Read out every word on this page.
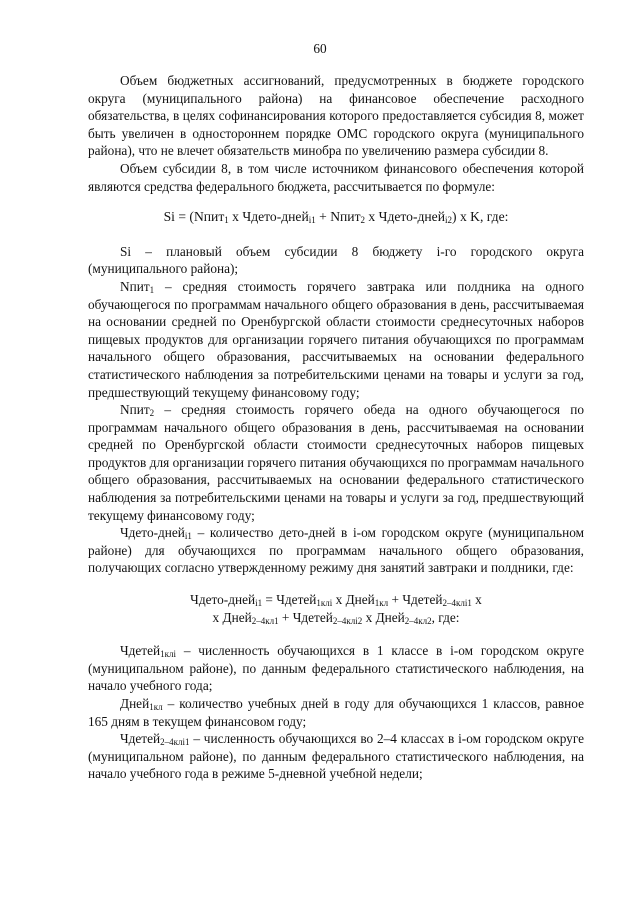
60

Объем бюджетных ассигнований, предусмотренных в бюджете городского округа (муниципального района) на финансовое обеспечение расходного обязательства, в целях софинансирования которого предоставляется субсидия 8, может быть увеличен в одностороннем порядке ОМС городского округа (муниципального района), что не влечет обязательств минобра по увеличению размера субсидии 8.

Объем субсидии 8, в том числе источником финансового обеспечения которой являются средства федерального бюджета, рассчитывается по формуле:

Si = (Nпит$_1$ x Чдето-дней$_{i1}$ + Nпит$_2$ x Чдето-дней$_{i2}$) x K, где:

Si – плановый объем субсидии 8 бюджету i-го городского округа (муниципального района);

Nпит$_1$ – средняя стоимость горячего завтрака или полдника на одного обучающегося по программам начального общего образования в день, рассчитываемая на основании средней по Оренбургской области стоимости среднесуточных наборов пищевых продуктов для организации горячего питания обучающихся по программам начального общего образования, рассчитываемых на основании федерального статистического наблюдения за потребительскими ценами на товары и услуги за год, предшествующий текущему финансовому году;

Nпит$_2$ – средняя стоимость горячего обеда на одного обучающегося по программам начального общего образования в день, рассчитываемая на основании средней по Оренбургской области стоимости среднесуточных наборов пищевых продуктов для организации горячего питания обучающихся по программам начального общего образования, рассчитываемых на основании федерального статистического наблюдения за потребительскими ценами на товары и услуги за год, предшествующий текущему финансовому году;

Чдето-дней$_{i1}$ – количество дето-дней в i-ом городском округе (муниципальном районе) для обучающихся по программам начального общего образования, получающих согласно утвержденному режиму дня занятий завтраки и полдники, где:

Чдето-дней$_{i1}$ = Чдетей$_{1клi}$ x Дней$_{1кл}$ + Чдетей$_{2-4клi1}$ x
x Дней$_{2-4кл1}$ + Чдетей$_{2-4клi2}$ x Дней$_{2-4кл2}$, где:

Чдетей$_{1клi}$ – численность обучающихся в 1 классе в i-ом городском округе (муниципальном районе), по данным федерального статистического наблюдения, на начало учебного года;

Дней$_{1кл}$ – количество учебных дней в году для обучающихся 1 классов, равное 165 дням в текущем финансовом году;

Чдетей$_{2-4клi1}$ – численность обучающихся во 2–4 классах в i-ом городском округе (муниципальном районе), по данным федерального статистического наблюдения, на начало учебного года в режиме 5-дневной учебной недели;
